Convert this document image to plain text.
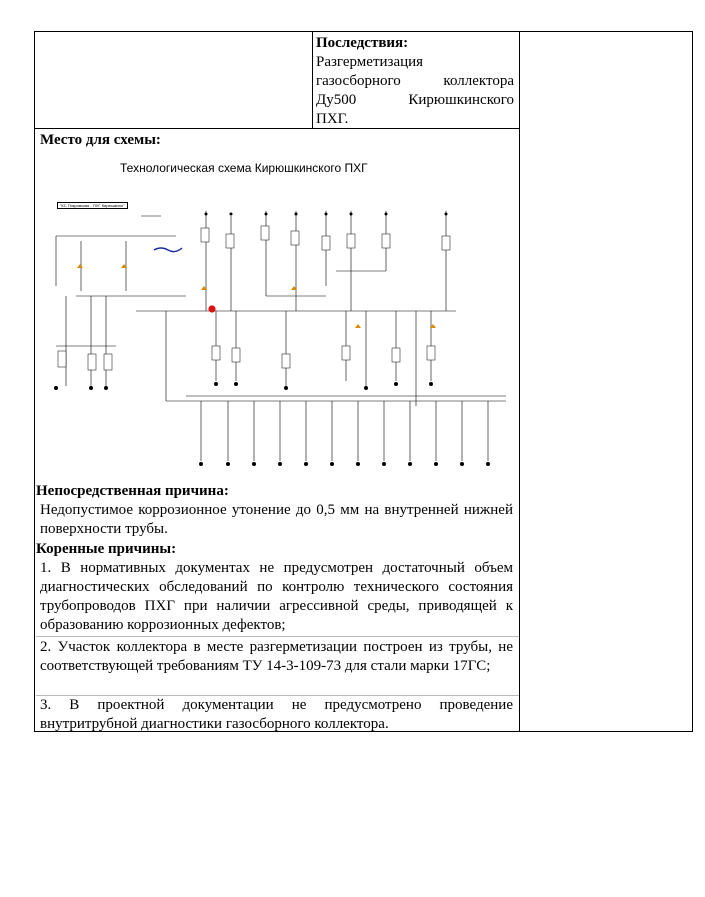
Последствия:
Разгерметизация
газосборного коллектора
Ду500 Кирюшкинского
ПХГ.
Место для схемы:
Технологическая схема Кирюшкинского ПХГ
"КС Покровская - ПХГ Кирюшкино"
Непосредственная причина:
Недопустимое коррозионное утонение до 0,5 мм на внутренней нижней поверхности трубы.
Коренные причины:
1. В нормативных документах не предусмотрен достаточный объем диагностических обследований по контролю технического состояния трубопроводов ПХГ при наличии агрессивной среды, приводящей к образованию коррозионных дефектов;
2. Участок коллектора в месте разгерметизации построен из трубы, не соответствующей требованиям ТУ 14-3-109-73 для стали марки 17ГС;
3. В проектной документации не предусмотрено проведение внутритрубной диагностики газосборного коллектора.
